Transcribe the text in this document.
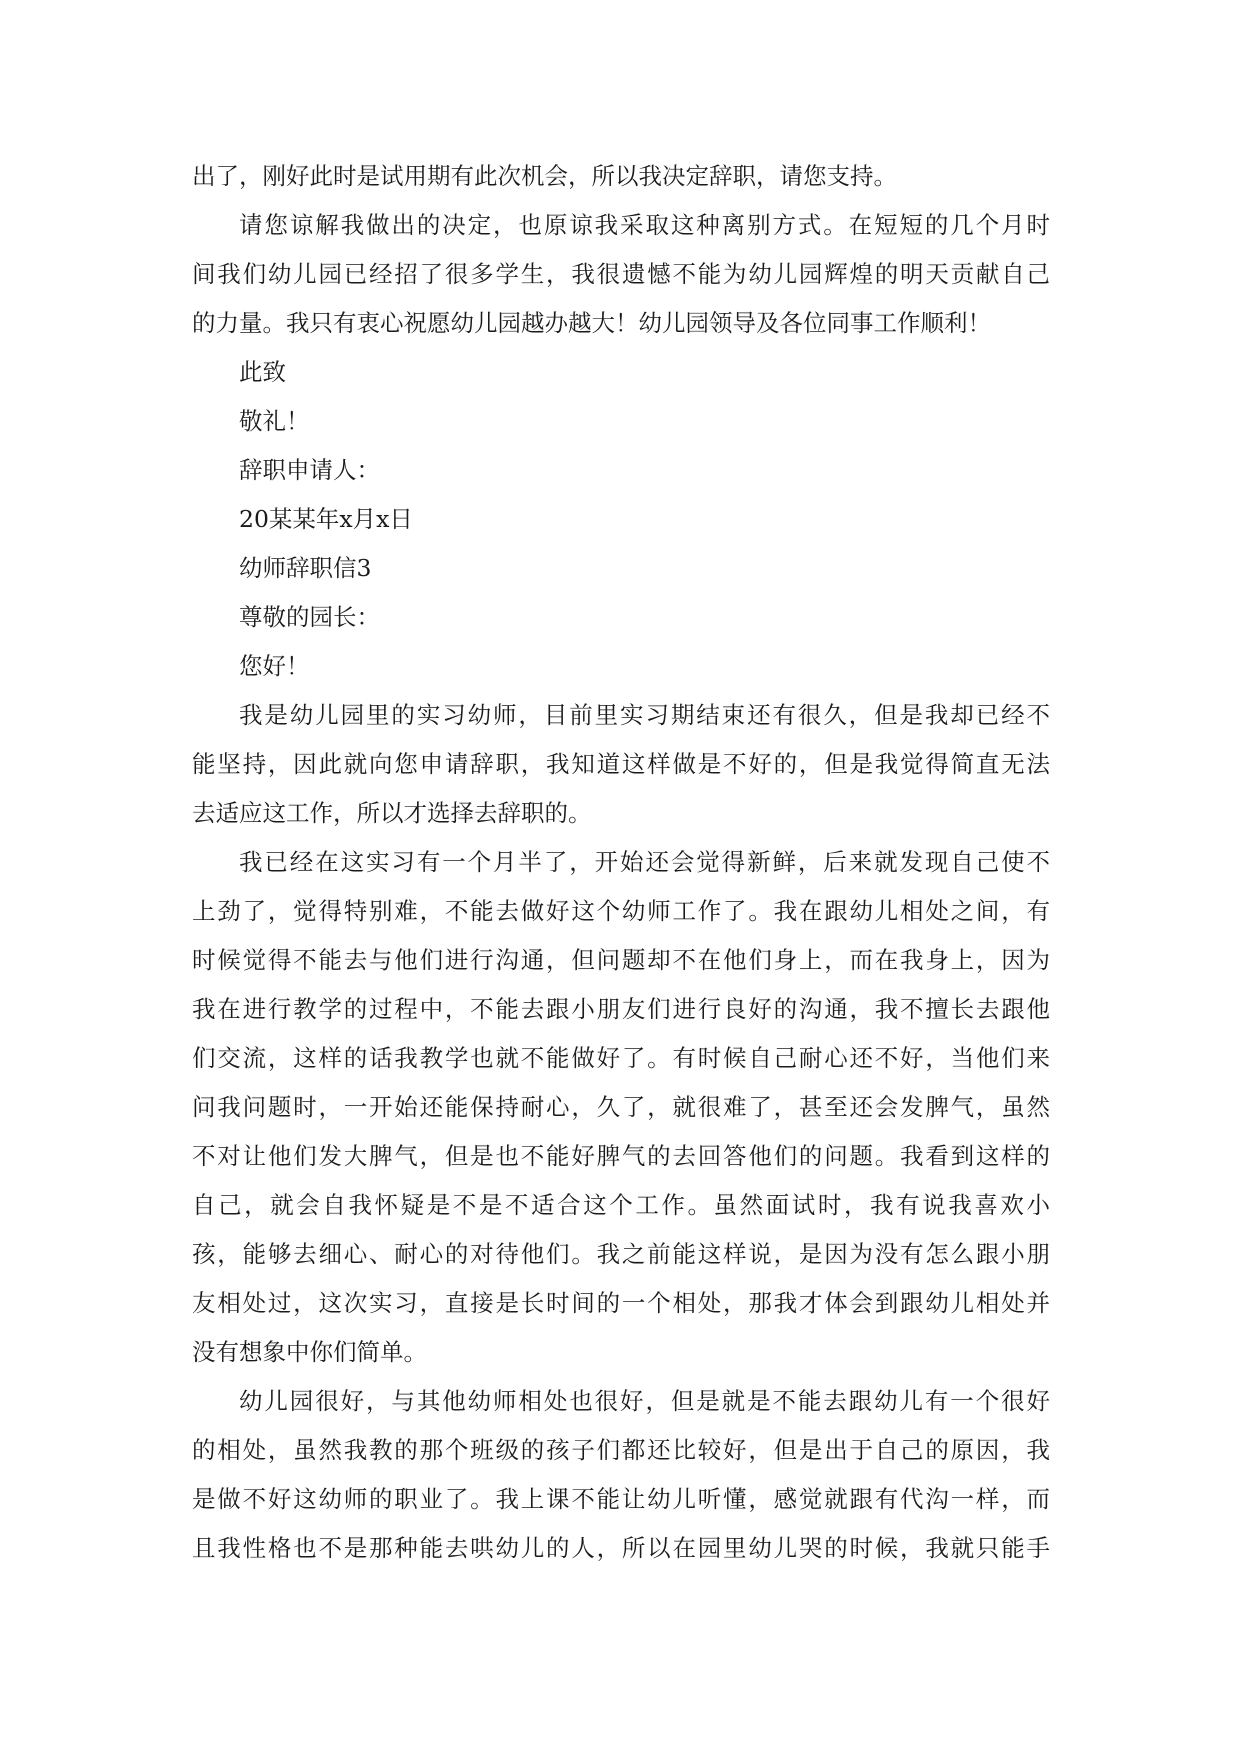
出了，刚好此时是试用期有此次机会，所以我决定辞职，请您支持。
请您谅解我做出的决定，也原谅我采取这种离别方式。在短短的几个月时
间我们幼儿园已经招了很多学生，我很遗憾不能为幼儿园辉煌的明天贡献自己
的力量。我只有衷心祝愿幼儿园越办越大！幼儿园领导及各位同事工作顺利！
此致
敬礼！
辞职申请人：
20某某年x月x日
幼师辞职信3
尊敬的园长：
您好！
我是幼儿园里的实习幼师，目前里实习期结束还有很久，但是我却已经不
能坚持，因此就向您申请辞职，我知道这样做是不好的，但是我觉得简直无法
去适应这工作，所以才选择去辞职的。
我已经在这实习有一个月半了，开始还会觉得新鲜，后来就发现自己使不
上劲了，觉得特别难，不能去做好这个幼师工作了。我在跟幼儿相处之间，有
时候觉得不能去与他们进行沟通，但问题却不在他们身上，而在我身上，因为
我在进行教学的过程中，不能去跟小朋友们进行良好的沟通，我不擅长去跟他
们交流，这样的话我教学也就不能做好了。有时候自己耐心还不好，当他们来
问我问题时，一开始还能保持耐心，久了，就很难了，甚至还会发脾气，虽然
不对让他们发大脾气，但是也不能好脾气的去回答他们的问题。我看到这样的
自己，就会自我怀疑是不是不适合这个工作。虽然面试时，我有说我喜欢小
孩，能够去细心、耐心的对待他们。我之前能这样说，是因为没有怎么跟小朋
友相处过，这次实习，直接是长时间的一个相处，那我才体会到跟幼儿相处并
没有想象中你们简单。
幼儿园很好，与其他幼师相处也很好，但是就是不能去跟幼儿有一个很好
的相处，虽然我教的那个班级的孩子们都还比较好，但是出于自己的原因，我
是做不好这幼师的职业了。我上课不能让幼儿听懂，感觉就跟有代沟一样，而
且我性格也不是那种能去哄幼儿的人，所以在园里幼儿哭的时候，我就只能手
